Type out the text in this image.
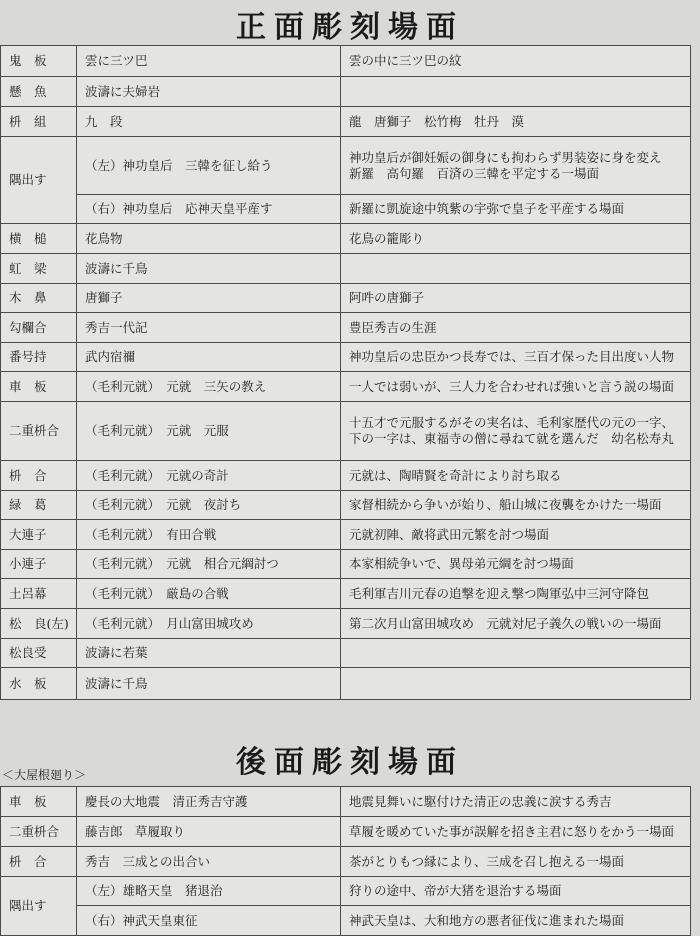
正面彫刻場面
鬼　板	雲に三ツ巴	雲の中に三ツ巴の紋
懸　魚	波濤に夫婦岩	
枡　組	九　段	龍　唐獅子　松竹梅　牡丹　漠
隅出す	（左）神功皇后　三韓を征し給う	神功皇后が御妊娠の御身にも拘わらず男装姿に身を変え
新羅　高句羅　百済の三韓を平定する一場面

	（右）神功皇后　応神天皇平産す	新羅に凱旋途中筑紫の宇弥で皇子を平産する場面
横　槌	花鳥物	花鳥の籠彫り
虹　梁	波濤に千鳥	
木　鼻	唐獅子	阿吽の唐獅子
勾欄合	秀吉一代記	豊臣秀吉の生涯
番号持	武内宿禰	神功皇后の忠臣かつ長寿では、三百才保った目出度い人物
車　板	（毛利元就）　元就　三矢の教え	一人では弱いが、三人力を合わせれば強いと言う説の場面
二重枡合	（毛利元就）　元就　元服	十五才で元服するがその実名は、毛利家歴代の元の一字、
下の一字は、東福寺の僧に尋ねて就を選んだ　幼名松寿丸

枡　合	（毛利元就）　元就の奇計	元就は、陶晴賢を奇計により討ち取る
緑　葛	（毛利元就）　元就　夜討ち	家督相続から争いが始り、船山城に夜襲をかけた一場面
大連子	（毛利元就）　有田合戦	元就初陣、敵将武田元繁を討つ場面
小連子	（毛利元就）　元就　相合元綱討つ	本家相続争いで、異母弟元綱を討つ場面
土呂幕	（毛利元就）　厳島の合戦	毛利軍吉川元春の追撃を迎え撃つ陶軍弘中三河守降包
松　良(左)	（毛利元就）　月山富田城攻め	第二次月山富田城攻め　元就対尼子義久の戦いの一場面
松良受	波濤に若葉	
水　板	波濤に千鳥	
後面彫刻場面
＜大屋根廻り＞
車　板	慶長の大地震　清正秀吉守護	地震見舞いに駆付けた清正の忠義に涙する秀吉
二重枡合	藤吉郎　草履取り	草履を暖めていた事が誤解を招き主君に怒りをかう一場面
枡　合	秀吉　三成との出合い	茶がとりもつ縁により、三成を召し抱える一場面
隅出す	（左）雄略天皇　猪退治	狩りの途中、帝が大猪を退治する場面
	（右）神武天皇東征	神武天皇は、大和地方の悪者征伐に進まれた場面
